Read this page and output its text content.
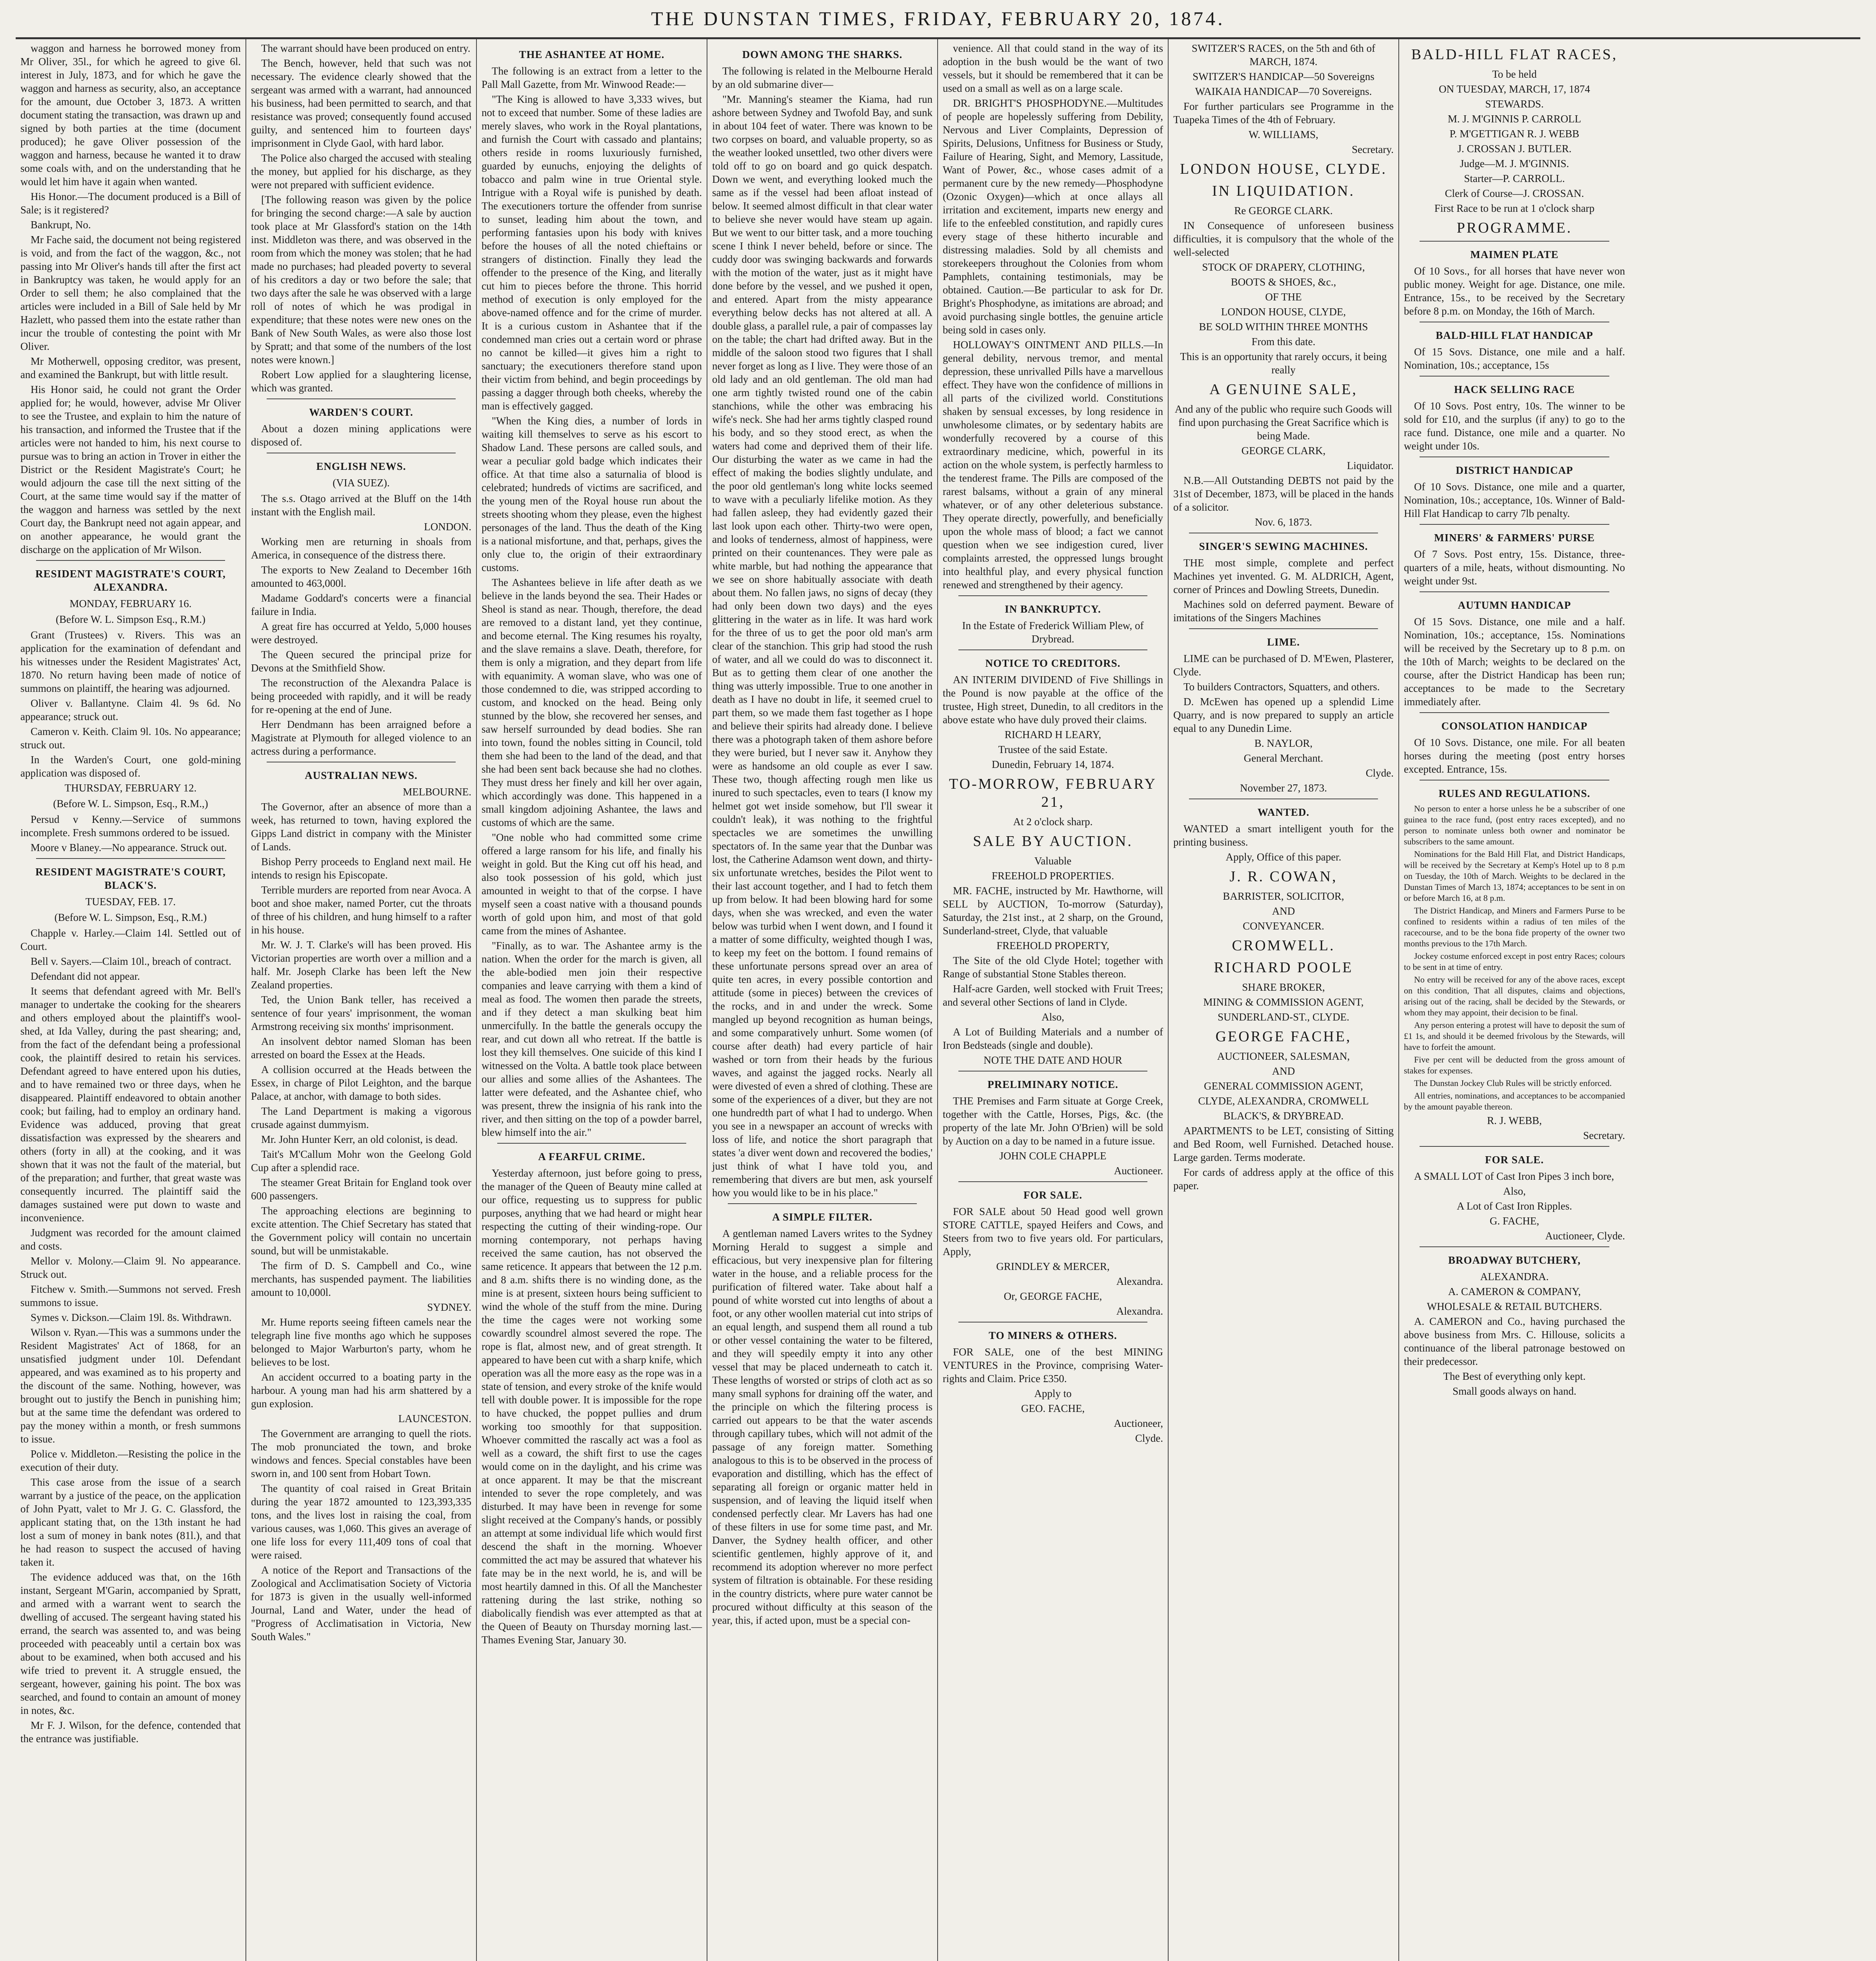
THE DUNSTAN TIMES, FRIDAY, FEBRUARY 20, 1874.

waggon and harness he borrowed money from Mr Oliver, 35l., for which he agreed to give 6l. interest in July, 1873, and for which he gave the waggon and harness as security, also, an acceptance for the amount, due October 3, 1873. A written document stating the transaction, was drawn up and signed by both parties at the time (document produced); he gave Oliver possession of the waggon and harness, because he wanted it to draw some coals with, and on the understanding that he would let him have it again when wanted.

His Honor.—The document produced is a Bill of Sale; is it registered?

Bankrupt, No.

Mr Fache said, the document not being registered is void, and from the fact of the waggon, &c., not passing into Mr Oliver's hands till after the first act in Bankruptcy was taken, he would apply for an Order to sell them; he also complained that the articles were included in a Bill of Sale held by Mr Hazlett, who passed them into the estate rather than incur the trouble of contesting the point with Mr Oliver.

Mr Motherwell, opposing creditor, was present, and examined the Bankrupt, but with little result.

His Honor said, he could not grant the Order applied for; he would, however, advise Mr Oliver to see the Trustee, and explain to him the nature of his transaction, and informed the Trustee that if the articles were not handed to him, his next course to pursue was to bring an action in Trover in either the District or the Resident Magistrate's Court; he would adjourn the case till the next sitting of the Court, at the same time would say if the matter of the waggon and harness was settled by the next Court day, the Bankrupt need not again appear, and on another appearance, he would grant the discharge on the application of Mr Wilson.

RESIDENT MAGISTRATE'S COURT, ALEXANDRA.

MONDAY, FEBRUARY 16.

(Before W. L. Simpson Esq., R.M.)

Grant (Trustees) v. Rivers. This was an application for the examination of defendant and his witnesses under the Resident Magistrates' Act, 1870. No return having been made of notice of summons on plaintiff, the hearing was adjourned.

Oliver v. Ballantyne. Claim 4l. 9s 6d. No appearance; struck out.

Cameron v. Keith. Claim 9l. 10s. No appearance; struck out.

In the Warden's Court, one gold-mining application was disposed of.

THURSDAY, FEBRUARY 12.

(Before W. L. Simpson, Esq., R.M.,)

Persud v Kenny.—Service of summons incomplete. Fresh summons ordered to be issued.

Moore v Blaney.—No appearance. Struck out.

RESIDENT MAGISTRATE'S COURT, BLACK'S.

TUESDAY, FEB. 17.

(Before W. L. Simpson, Esq., R.M.)

Chapple v. Harley.—Claim 14l. Settled out of Court.

Bell v. Sayers.—Claim 10l., breach of contract.

Defendant did not appear.

It seems that defendant agreed with Mr. Bell's manager to undertake the cooking for the shearers and others employed about the plaintiff's wool-shed, at Ida Valley, during the past shearing; and, from the fact of the defendant being a professional cook, the plaintiff desired to retain his services. Defendant agreed to have entered upon his duties, and to have remained two or three days, when he disappeared. Plaintiff endeavored to obtain another cook; but failing, had to employ an ordinary hand. Evidence was adduced, proving that great dissatisfaction was expressed by the shearers and others (forty in all) at the cooking, and it was shown that it was not the fault of the material, but of the preparation; and further, that great waste was consequently incurred. The plaintiff said the damages sustained were put down to waste and inconvenience.

Judgment was recorded for the amount claimed and costs.

Mellor v. Molony.—Claim 9l. No appearance. Struck out.

Fitchew v. Smith.—Summons not served. Fresh summons to issue.

Symes v. Dickson.—Claim 19l. 8s. Withdrawn.

Wilson v. Ryan.—This was a summons under the Resident Magistrates' Act of 1868, for an unsatisfied judgment under 10l. Defendant appeared, and was examined as to his property and the discount of the same. Nothing, however, was brought out to justify the Bench in punishing him; but at the same time the defendant was ordered to pay the money within a month, or fresh summons to issue.

Police v. Middleton.—Resisting the police in the execution of their duty.

This case arose from the issue of a search warrant by a justice of the peace, on the application of John Pyatt, valet to Mr J. G. C. Glassford, the applicant stating that, on the 13th instant he had lost a sum of money in bank notes (81l.), and that he had reason to suspect the accused of having taken it.

The evidence adduced was that, on the 16th instant, Sergeant M'Garin, accompanied by Spratt, and armed with a warrant went to search the dwelling of accused. The sergeant having stated his errand, the search was assented to, and was being proceeded with peaceably until a certain box was about to be examined, when both accused and his wife tried to prevent it. A struggle ensued, the sergeant, however, gaining his point. The box was searched, and found to contain an amount of money in notes, &c.

Mr F. J. Wilson, for the defence, contended that the entrance was justifiable.

The warrant should have been produced on entry.

The Bench, however, held that such was not necessary. The evidence clearly showed that the sergeant was armed with a warrant, had announced his business, had been permitted to search, and that resistance was proved; consequently found accused guilty, and sentenced him to fourteen days' imprisonment in Clyde Gaol, with hard labor.

The Police also charged the accused with stealing the money, but applied for his discharge, as they were not prepared with sufficient evidence.

[The following reason was given by the police for bringing the second charge:—A sale by auction took place at Mr Glassford's station on the 14th inst. Middleton was there, and was observed in the room from which the money was stolen; that he had made no purchases; had pleaded poverty to several of his creditors a day or two before the sale; that two days after the sale he was observed with a large roll of notes of which he was prodigal in expenditure; that these notes were new ones on the Bank of New South Wales, as were also those lost by Spratt; and that some of the numbers of the lost notes were known.]

Robert Low applied for a slaughtering license, which was granted.

WARDEN'S COURT.

About a dozen mining applications were disposed of.

ENGLISH NEWS.

(VIA SUEZ).

The s.s. Otago arrived at the Bluff on the 14th instant with the English mail.

LONDON.

Working men are returning in shoals from America, in consequence of the distress there.

The exports to New Zealand to December 16th amounted to 463,000l.

Madame Goddard's concerts were a financial failure in India.

A great fire has occurred at Yeldo, 5,000 houses were destroyed.

The Queen secured the principal prize for Devons at the Smithfield Show.

The reconstruction of the Alexandra Palace is being proceeded with rapidly, and it will be ready for re-opening at the end of June.

Herr Dendmann has been arraigned before a Magistrate at Plymouth for alleged violence to an actress during a performance.

AUSTRALIAN NEWS.

MELBOURNE.

The Governor, after an absence of more than a week, has returned to town, having explored the Gipps Land district in company with the Minister of Lands.

Bishop Perry proceeds to England next mail. He intends to resign his Episcopate.

Terrible murders are reported from near Avoca. A boot and shoe maker, named Porter, cut the throats of three of his children, and hung himself to a rafter in his house.

Mr. W. J. T. Clarke's will has been proved. His Victorian properties are worth over a million and a half. Mr. Joseph Clarke has been left the New Zealand properties.

Ted, the Union Bank teller, has received a sentence of four years' imprisonment, the woman Armstrong receiving six months' imprisonment.

An insolvent debtor named Sloman has been arrested on board the Essex at the Heads.

A collision occurred at the Heads between the Essex, in charge of Pilot Leighton, and the barque Palace, at anchor, with damage to both sides.

The Land Department is making a vigorous crusade against dummyism.

Mr. John Hunter Kerr, an old colonist, is dead.

Tait's M'Callum Mohr won the Geelong Gold Cup after a splendid race.

The steamer Great Britain for England took over 600 passengers.

The approaching elections are beginning to excite attention. The Chief Secretary has stated that the Government policy will contain no uncertain sound, but will be unmistakable.

The firm of D. S. Campbell and Co., wine merchants, has suspended payment. The liabilities amount to 10,000l.

SYDNEY.

Mr. Hume reports seeing fifteen camels near the telegraph line five months ago which he supposes belonged to Major Warburton's party, whom he believes to be lost.

An accident occurred to a boating party in the harbour. A young man had his arm shattered by a gun explosion.

LAUNCESTON.

The Government are arranging to quell the riots. The mob pronunciated the town, and broke windows and fences. Special constables have been sworn in, and 100 sent from Hobart Town.

The quantity of coal raised in Great Britain during the year 1872 amounted to 123,393,335 tons, and the lives lost in raising the coal, from various causes, was 1,060. This gives an average of one life loss for every 111,409 tons of coal that were raised.

A notice of the Report and Transactions of the Zoological and Acclimatisation Society of Victoria for 1873 is given in the usually well-informed Journal, Land and Water, under the head of "Progress of Acclimatisation in Victoria, New South Wales."

THE ASHANTEE AT HOME.

The following is an extract from a letter to the Pall Mall Gazette, from Mr. Winwood Reade:—

"The King is allowed to have 3,333 wives, but not to exceed that number. Some of these ladies are merely slaves, who work in the Royal plantations, and furnish the Court with cassado and plantains; others reside in rooms luxuriously furnished, guarded by eunuchs, enjoying the delights of tobacco and palm wine in true Oriental style. Intrigue with a Royal wife is punished by death. The executioners torture the offender from sunrise to sunset, leading him about the town, and performing fantasies upon his body with knives before the houses of all the noted chieftains or strangers of distinction. Finally they lead the offender to the presence of the King, and literally cut him to pieces before the throne. This horrid method of execution is only employed for the above-named offence and for the crime of murder. It is a curious custom in Ashantee that if the condemned man cries out a certain word or phrase no cannot be killed—it gives him a right to sanctuary; the executioners therefore stand upon their victim from behind, and begin proceedings by passing a dagger through both cheeks, whereby the man is effectively gagged.

"When the King dies, a number of lords in waiting kill themselves to serve as his escort to Shadow Land. These persons are called souls, and wear a peculiar gold badge which indicates their office. At that time also a saturnalia of blood is celebrated; hundreds of victims are sacrificed, and the young men of the Royal house run about the streets shooting whom they please, even the highest personages of the land. Thus the death of the King is a national misfortune, and that, perhaps, gives the only clue to, the origin of their extraordinary customs.

The Ashantees believe in life after death as we believe in the lands beyond the sea. Their Hades or Sheol is stand as near. Though, therefore, the dead are removed to a distant land, yet they continue, and become eternal. The King resumes his royalty, and the slave remains a slave. Death, therefore, for them is only a migration, and they depart from life with equanimity. A woman slave, who was one of those condemned to die, was stripped according to custom, and knocked on the head. Being only stunned by the blow, she recovered her senses, and saw herself surrounded by dead bodies. She ran into town, found the nobles sitting in Council, told them she had been to the land of the dead, and that she had been sent back because she had no clothes. They must dress her finely and kill her over again, which accordingly was done. This happened in a small kingdom adjoining Ashantee, the laws and customs of which are the same.

"One noble who had committed some crime offered a large ransom for his life, and finally his weight in gold. But the King cut off his head, and also took possession of his gold, which just amounted in weight to that of the corpse. I have myself seen a coast native with a thousand pounds worth of gold upon him, and most of that gold came from the mines of Ashantee.

"Finally, as to war. The Ashantee army is the nation. When the order for the march is given, all the able-bodied men join their respective companies and leave carrying with them a kind of meal as food. The women then parade the streets, and if they detect a man skulking beat him unmercifully. In the battle the generals occupy the rear, and cut down all who retreat. If the battle is lost they kill themselves. One suicide of this kind I witnessed on the Volta. A battle took place between our allies and some allies of the Ashantees. The latter were defeated, and the Ashantee chief, who was present, threw the insignia of his rank into the river, and then sitting on the top of a powder barrel, blew himself into the air."

A FEARFUL CRIME.

Yesterday afternoon, just before going to press, the manager of the Queen of Beauty mine called at our office, requesting us to suppress for public purposes, anything that we had heard or might hear respecting the cutting of their winding-rope. Our morning contemporary, not perhaps having received the same caution, has not observed the same reticence. It appears that between the 12 p.m. and 8 a.m. shifts there is no winding done, as the mine is at present, sixteen hours being sufficient to wind the whole of the stuff from the mine. During the time the cages were not working some cowardly scoundrel almost severed the rope. The rope is flat, almost new, and of great strength. It appeared to have been cut with a sharp knife, which operation was all the more easy as the rope was in a state of tension, and every stroke of the knife would tell with double power. It is impossible for the rope to have chucked, the poppet pullies and drum working too smoothly for that supposition. Whoever committed the rascally act was a fool as well as a coward, the shift first to use the cages would come on in the daylight, and his crime was at once apparent. It may be that the miscreant intended to sever the rope completely, and was disturbed. It may have been in revenge for some slight received at the Company's hands, or possibly an attempt at some individual life which would first descend the shaft in the morning. Whoever committed the act may be assured that whatever his fate may be in the next world, he is, and will be most heartily damned in this. Of all the Manchester rattening during the last strike, nothing so diabolically fiendish was ever attempted as that at the Queen of Beauty on Thursday morning last.—Thames Evening Star, January 30.

DOWN AMONG THE SHARKS.

The following is related in the Melbourne Herald by an old submarine diver—

"Mr. Manning's steamer the Kiama, had run ashore between Sydney and Twofold Bay, and sunk in about 104 feet of water. There was known to be two corpses on board, and valuable property, so as the weather looked unsettled, two other divers were told off to go on board and go quick despatch. Down we went, and everything looked much the same as if the vessel had been afloat instead of below. It seemed almost difficult in that clear water to believe she never would have steam up again. But we went to our bitter task, and a more touching scene I think I never beheld, before or since. The cuddy door was swinging backwards and forwards with the motion of the water, just as it might have done before by the vessel, and we pushed it open, and entered. Apart from the misty appearance everything below decks has not altered at all. A double glass, a parallel rule, a pair of compasses lay on the table; the chart had drifted away. But in the middle of the saloon stood two figures that I shall never forget as long as I live. They were those of an old lady and an old gentleman. The old man had one arm tightly twisted round one of the cabin stanchions, while the other was embracing his wife's neck. She had her arms tightly clasped round his body, and so they stood erect, as when the waters had come and deprived them of their life. Our disturbing the water as we came in had the effect of making the bodies slightly undulate, and the poor old gentleman's long white locks seemed to wave with a peculiarly lifelike motion. As they had fallen asleep, they had evidently gazed their last look upon each other. Thirty-two were open, and looks of tenderness, almost of happiness, were printed on their countenances. They were pale as white marble, but had nothing the appearance that we see on shore habitually associate with death about them. No fallen jaws, no signs of decay (they had only been down two days) and the eyes glittering in the water as in life. It was hard work for the three of us to get the poor old man's arm clear of the stanchion. This grip had stood the rush of water, and all we could do was to disconnect it. But as to getting them clear of one another the thing was utterly impossible. True to one another in death as I have no doubt in life, it seemed cruel to part them, so we made them fast together as I hope and believe their spirits had already done. I believe there was a photograph taken of them ashore before they were buried, but I never saw it. Anyhow they were as handsome an old couple as ever I saw. These two, though affecting rough men like us inured to such spectacles, even to tears (I know my helmet got wet inside somehow, but I'll swear it couldn't leak), it was nothing to the frightful spectacles we are sometimes the unwilling spectators of. In the same year that the Dunbar was lost, the Catherine Adamson went down, and thirty-six unfortunate wretches, besides the Pilot went to their last account together, and I had to fetch them up from below. It had been blowing hard for some days, when she was wrecked, and even the water below was turbid when I went down, and I found it a matter of some difficulty, weighted though I was, to keep my feet on the bottom. I found remains of these unfortunate persons spread over an area of quite ten acres, in every possible contortion and attitude (some in pieces) between the crevices of the rocks, and in and under the wreck. Some mangled up beyond recognition as human beings, and some comparatively unhurt. Some women (of course after death) had every particle of hair washed or torn from their heads by the furious waves, and against the jagged rocks. Nearly all were divested of even a shred of clothing. These are some of the experiences of a diver, but they are not one hundredth part of what I had to undergo. When you see in a newspaper an account of wrecks with loss of life, and notice the short paragraph that states 'a diver went down and recovered the bodies,' just think of what I have told you, and remembering that divers are but men, ask yourself how you would like to be in his place."

A SIMPLE FILTER.

A gentleman named Lavers writes to the Sydney Morning Herald to suggest a simple and efficacious, but very inexpensive plan for filtering water in the house, and a reliable process for the purification of filtered water. Take about half a pound of white worsted cut into lengths of about a foot, or any other woollen material cut into strips of an equal length, and suspend them all round a tub or other vessel containing the water to be filtered, and they will speedily empty it into any other vessel that may be placed underneath to catch it. These lengths of worsted or strips of cloth act as so many small syphons for draining off the water, and the principle on which the filtering process is carried out appears to be that the water ascends through capillary tubes, which will not admit of the passage of any foreign matter. Something analogous to this is to be observed in the process of evaporation and distilling, which has the effect of separating all foreign or organic matter held in suspension, and of leaving the liquid itself when condensed perfectly clear. Mr Lavers has had one of these filters in use for some time past, and Mr. Danver, the Sydney health officer, and other scientific gentlemen, highly approve of it, and recommend its adoption wherever no more perfect system of filtration is obtainable. For these residing in the country districts, where pure water cannot be procured without difficulty at this season of the year, this, if acted upon, must be a special con-

venience. All that could stand in the way of its adoption in the bush would be the want of two vessels, but it should be remembered that it can be used on a small as well as on a large scale.

DR. BRIGHT'S PHOSPHODYNE.—Multitudes of people are hopelessly suffering from Debility, Nervous and Liver Complaints, Depression of Spirits, Delusions, Unfitness for Business or Study, Failure of Hearing, Sight, and Memory, Lassitude, Want of Power, &c., whose cases admit of a permanent cure by the new remedy—Phosphodyne (Ozonic Oxygen)—which at once allays all irritation and excitement, imparts new energy and life to the enfeebled constitution, and rapidly cures every stage of these hitherto incurable and distressing maladies. Sold by all chemists and storekeepers throughout the Colonies from whom Pamphlets, containing testimonials, may be obtained. Caution.—Be particular to ask for Dr. Bright's Phosphodyne, as imitations are abroad; and avoid purchasing single bottles, the genuine article being sold in cases only.

HOLLOWAY'S OINTMENT AND PILLS.—In general debility, nervous tremor, and mental depression, these unrivalled Pills have a marvellous effect. They have won the confidence of millions in all parts of the civilized world. Constitutions shaken by sensual excesses, by long residence in unwholesome climates, or by sedentary habits are wonderfully recovered by a course of this extraordinary medicine, which, powerful in its action on the whole system, is perfectly harmless to the tenderest frame. The Pills are composed of the rarest balsams, without a grain of any mineral whatever, or of any other deleterious substance. They operate directly, powerfully, and beneficially upon the whole mass of blood; a fact we cannot question when we see indigestion cured, liver complaints arrested, the oppressed lungs brought into healthful play, and every physical function renewed and strengthened by their agency.

IN BANKRUPTCY.

In the Estate of Frederick William Plew, of Drybread.

NOTICE TO CREDITORS.

AN INTERIM DIVIDEND of Five Shillings in the Pound is now payable at the office of the trustee, High street, Dunedin, to all creditors in the above estate who have duly proved their claims.

RICHARD H LEARY,

Trustee of the said Estate.

Dunedin, February 14, 1874.

TO-MORROW, FEBRUARY 21,

At 2 o'clock sharp.

SALE BY AUCTION.

Valuable

FREEHOLD PROPERTIES.

MR. FACHE, instructed by Mr. Hawthorne, will SELL by AUCTION, To-morrow (Saturday), Saturday, the 21st inst., at 2 sharp, on the Ground, Sunderland-street, Clyde, that valuable

FREEHOLD PROPERTY,

The Site of the old Clyde Hotel; together with Range of substantial Stone Stables thereon.

Half-acre Garden, well stocked with Fruit Trees; and several other Sections of land in Clyde.

Also,

A Lot of Building Materials and a number of Iron Bedsteads (single and double).

NOTE THE DATE AND HOUR

PRELIMINARY NOTICE.

THE Premises and Farm situate at Gorge Creek, together with the Cattle, Horses, Pigs, &c. (the property of the late Mr. John O'Brien) will be sold by Auction on a day to be named in a future issue.

JOHN COLE CHAPPLE

Auctioneer.

FOR SALE.

FOR SALE about 50 Head good well grown STORE CATTLE, spayed Heifers and Cows, and Steers from two to five years old. For particulars, Apply,

GRINDLEY & MERCER,

Alexandra.

Or, GEORGE FACHE,

Alexandra.

TO MINERS & OTHERS.

FOR SALE, one of the best MINING VENTURES in the Province, comprising Water-rights and Claim. Price £350.

Apply to

GEO. FACHE,

Auctioneer,

Clyde.

SWITZER'S RACES, on the 5th and 6th of MARCH, 1874.

SWITZER'S HANDICAP—50 Sovereigns

WAIKAIA HANDICAP—70 Sovereigns.

For further particulars see Programme in the Tuapeka Times of the 4th of February.

W. WILLIAMS,

Secretary.

LONDON HOUSE, CLYDE.

IN LIQUIDATION.

Re GEORGE CLARK.

IN Consequence of unforeseen business difficulties, it is compulsory that the whole of the well-selected

STOCK OF DRAPERY, CLOTHING,

BOOTS & SHOES, &c.,

OF THE

LONDON HOUSE, CLYDE,

BE SOLD WITHIN THREE MONTHS

From this date.

This is an opportunity that rarely occurs, it being really

A GENUINE SALE,

And any of the public who require such Goods will find upon purchasing the Great Sacrifice which is being Made.

GEORGE CLARK,

Liquidator.

N.B.—All Outstanding DEBTS not paid by the 31st of December, 1873, will be placed in the hands of a solicitor.

Nov. 6, 1873.

SINGER'S SEWING MACHINES.

THE most simple, complete and perfect Machines yet invented. G. M. ALDRICH, Agent, corner of Princes and Dowling Streets, Dunedin.

Machines sold on deferred payment. Beware of imitations of the Singers Machines

LIME.

LIME can be purchased of D. M'Ewen, Plasterer, Clyde.

To builders Contractors, Squatters, and others.

D. McEwen has opened up a splendid Lime Quarry, and is now prepared to supply an article equal to any Dunedin Lime.

B. NAYLOR,

General Merchant.

Clyde.

November 27, 1873.

WANTED.

WANTED a smart intelligent youth for the printing business.

Apply, Office of this paper.

J. R. COWAN,

BARRISTER, SOLICITOR,

AND

CONVEYANCER.

CROMWELL.

RICHARD POOLE

SHARE BROKER,

MINING & COMMISSION AGENT,

SUNDERLAND-ST., CLYDE.

GEORGE FACHE,

AUCTIONEER, SALESMAN,

AND

GENERAL COMMISSION AGENT,

CLYDE, ALEXANDRA, CROMWELL

BLACK'S, & DRYBREAD.

APARTMENTS to be LET, consisting of Sitting and Bed Room, well Furnished. Detached house. Large garden. Terms moderate.

For cards of address apply at the office of this paper.

BALD-HILL FLAT RACES,

To be held

ON TUESDAY, MARCH, 17, 1874

STEWARDS.

M. J. M'GINNIS P. CARROLL

P. M'GETTIGAN R. J. WEBB

J. CROSSAN J. BUTLER.

Judge—M. J. M'GINNIS.

Starter—P. CARROLL.

Clerk of Course—J. CROSSAN.

First Race to be run at 1 o'clock sharp

PROGRAMME.

MAIMEN PLATE

Of 10 Sovs., for all horses that have never won public money. Weight for age. Distance, one mile. Entrance, 15s., to be received by the Secretary before 8 p.m. on Monday, the 16th of March.

BALD-HILL FLAT HANDICAP

Of 15 Sovs. Distance, one mile and a half. Nomination, 10s.; acceptance, 15s

HACK SELLING RACE

Of 10 Sovs. Post entry, 10s. The winner to be sold for £10, and the surplus (if any) to go to the race fund. Distance, one mile and a quarter. No weight under 10s.

DISTRICT HANDICAP

Of 10 Sovs. Distance, one mile and a quarter, Nomination, 10s.; acceptance, 10s. Winner of Bald-Hill Flat Handicap to carry 7lb penalty.

MINERS' & FARMERS' PURSE

Of 7 Sovs. Post entry, 15s. Distance, three-quarters of a mile, heats, without dismounting. No weight under 9st.

AUTUMN HANDICAP

Of 15 Sovs. Distance, one mile and a half. Nomination, 10s.; acceptance, 15s. Nominations will be received by the Secretary up to 8 p.m. on the 10th of March; weights to be declared on the course, after the District Handicap has been run; acceptances to be made to the Secretary immediately after.

CONSOLATION HANDICAP

Of 10 Sovs. Distance, one mile. For all beaten horses during the meeting (post entry horses excepted. Entrance, 15s.

RULES AND REGULATIONS.

No person to enter a horse unless he be a subscriber of one guinea to the race fund, (post entry races excepted), and no person to nominate unless both owner and nominator be subscribers to the same amount.

Nominations for the Bald Hill Flat, and District Handicaps, will be received by the Secretary at Kemp's Hotel up to 8 p.m on Tuesday, the 10th of March. Weights to be declared in the Dunstan Times of March 13, 1874; acceptances to be sent in on or before March 16, at 8 p.m.

The District Handicap, and Miners and Farmers Purse to be confined to residents within a radius of ten miles of the racecourse, and to be the bona fide property of the owner two months previous to the 17th March.

Jockey costume enforced except in post entry Races; colours to be sent in at time of entry.

No entry will be received for any of the above races, except on this condition, That all disputes, claims and objections, arising out of the racing, shall be decided by the Stewards, or whom they may appoint, their decision to be final.

Any person entering a protest will have to deposit the sum of £1 1s, and should it be deemed frivolous by the Stewards, will have to forfeit the amount.

Five per cent will be deducted from the gross amount of stakes for expenses.

The Dunstan Jockey Club Rules will be strictly enforced.

All entries, nominations, and acceptances to be accompanied by the amount payable thereon.

R. J. WEBB,

Secretary.

FOR SALE.

A SMALL LOT of Cast Iron Pipes 3 inch bore,

Also,

A Lot of Cast Iron Ripples.

G. FACHE,

Auctioneer, Clyde.

BROADWAY BUTCHERY,

ALEXANDRA.

A. CAMERON & COMPANY,

WHOLESALE & RETAIL BUTCHERS.

A. CAMERON and Co., having purchased the above business from Mrs. C. Hillouse, solicits a continuance of the liberal patronage bestowed on their predecessor.

The Best of everything only kept.

Small goods always on hand.
